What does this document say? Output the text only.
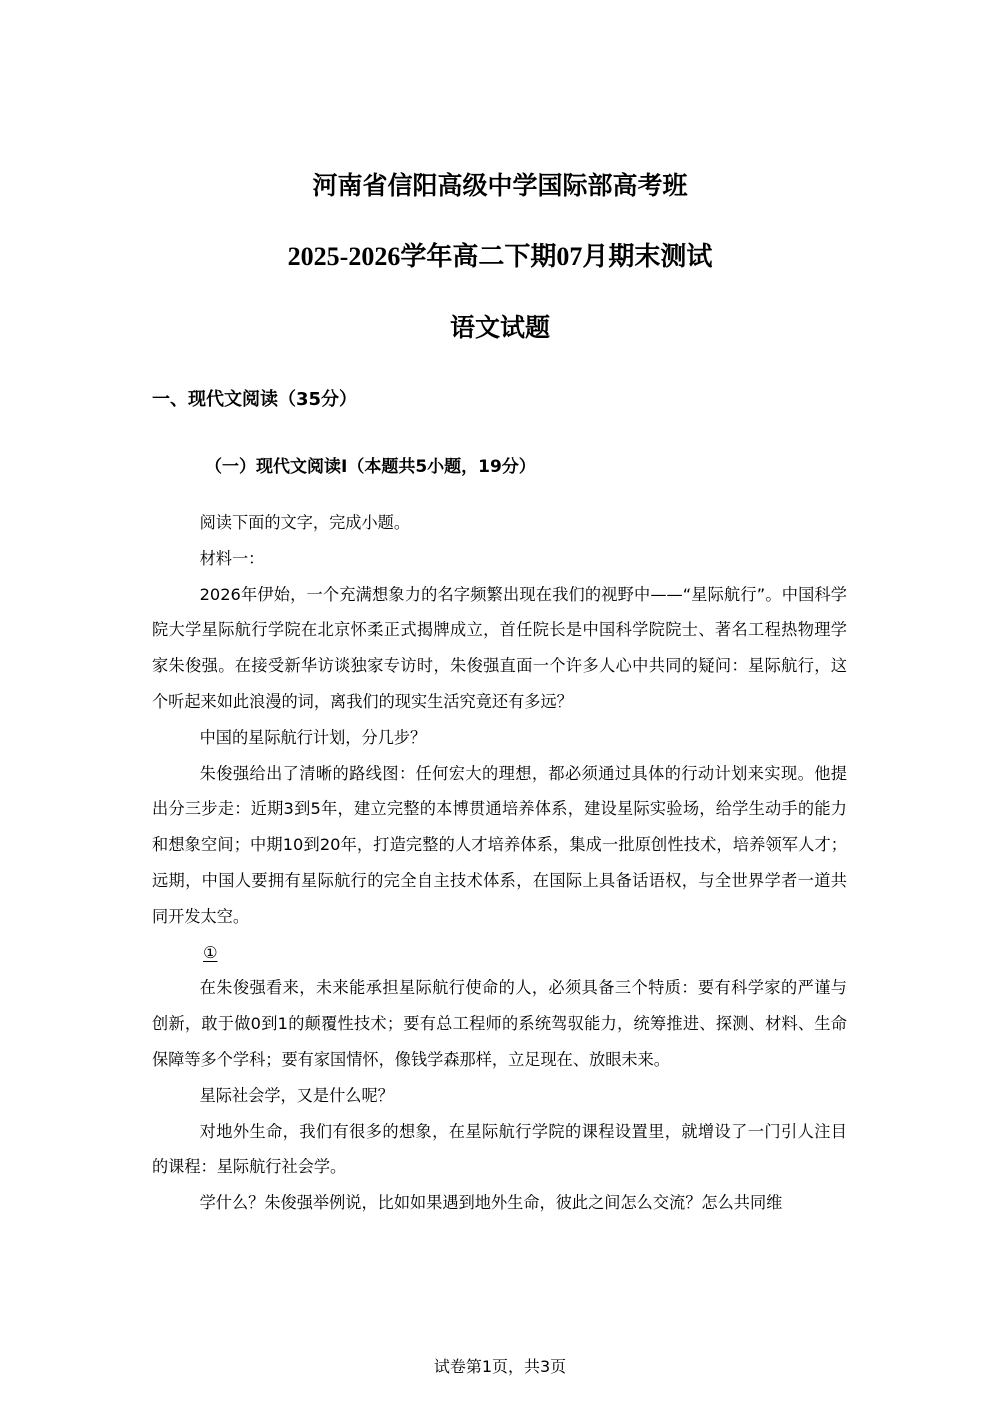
河南省信阳高级中学国际部高考班
2025-2026学年高二下期07月期末测试
语文试题
一、现代文阅读（35分）
（一）现代文阅读I（本题共5小题，19分）

阅读下面的文字，完成小题。

材料一：

2026年伊始，一个充满想象力的名字频繁出现在我们的视野中——“星际航行”。中国科学院大学星际航行学院在北京怀柔正式揭牌成立，首任院长是中国科学院院士、著名工程热物理学家朱俊强。在接受新华访谈独家专访时，朱俊强直面一个许多人心中共同的疑问：星际航行，这个听起来如此浪漫的词，离我们的现实生活究竟还有多远？

中国的星际航行计划，分几步？

朱俊强给出了清晰的路线图：任何宏大的理想，都必须通过具体的行动计划来实现。他提出分三步走：近期3到5年，建立完整的本博贯通培养体系，建设星际实验场，给学生动手的能力和想象空间；中期10到20年，打造完整的人才培养体系，集成一批原创性技术，培养领军人才；远期，中国人要拥有星际航行的完全自主技术体系，在国际上具备话语权，与全世界学者一道共同开发太空。

①

在朱俊强看来，未来能承担星际航行使命的人，必须具备三个特质：要有科学家的严谨与创新，敢于做0到1的颠覆性技术；要有总工程师的系统驾驭能力，统筹推进、探测、材料、生命保障等多个学科；要有家国情怀，像钱学森那样，立足现在、放眼未来。

星际社会学，又是什么呢？

对地外生命，我们有很多的想象，在星际航行学院的课程设置里，就增设了一门引人注目的课程：星际航行社会学。

学什么？朱俊强举例说，比如如果遇到地外生命，彼此之间怎么交流？怎么共同维

试卷第1页，共3页
